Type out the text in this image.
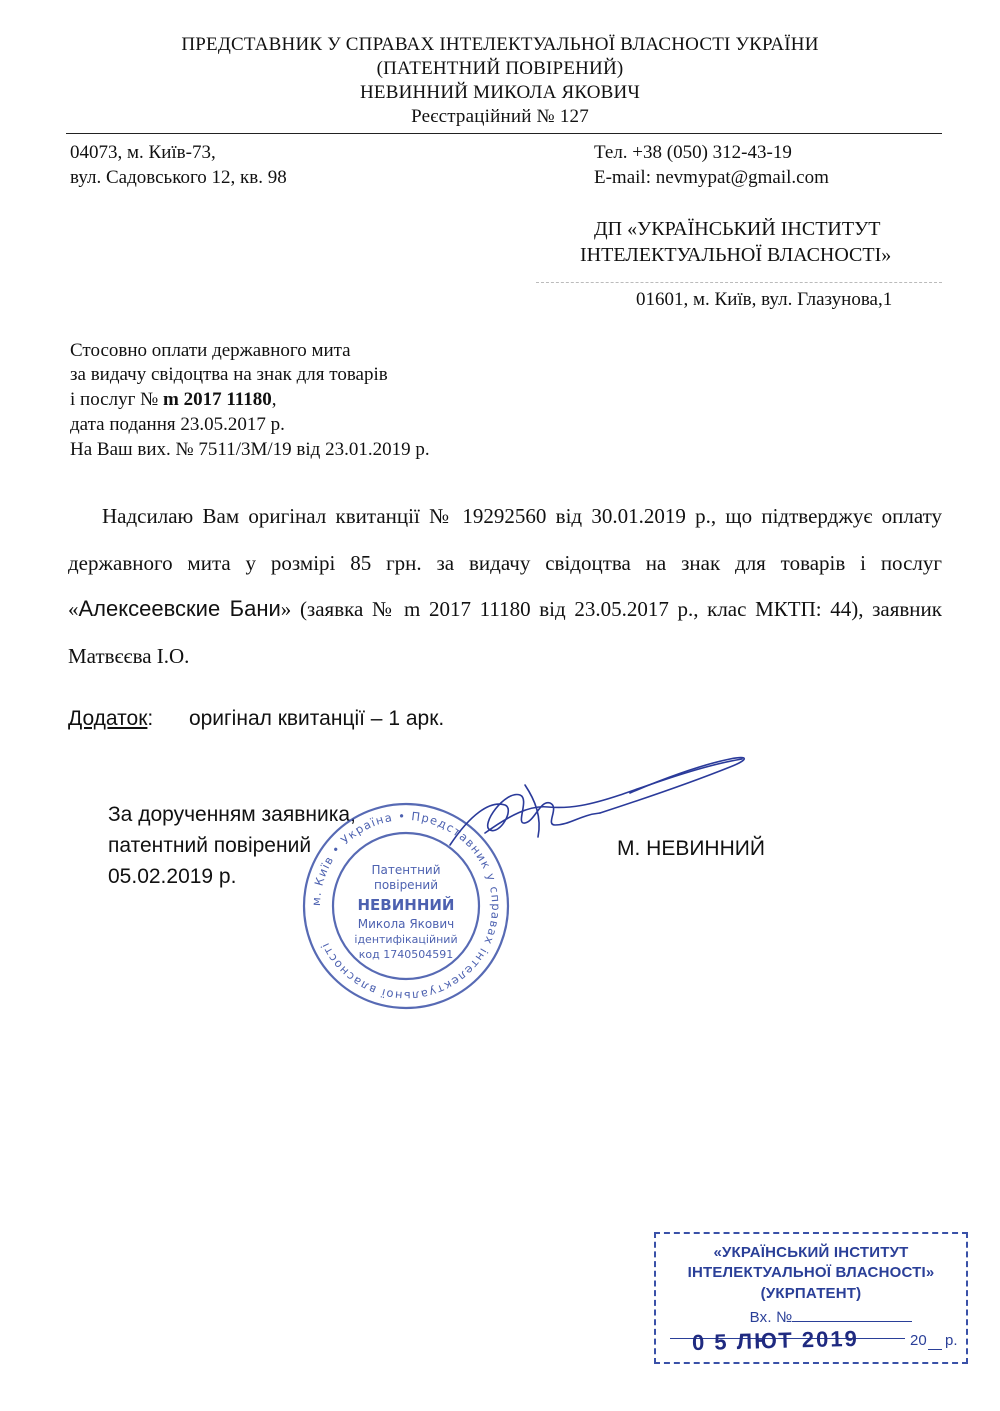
ПРЕДСТАВНИК У СПРАВАХ ІНТЕЛЕКТУАЛЬНОЇ ВЛАСНОСТІ УКРАЇНИ
(ПАТЕНТНИЙ ПОВІРЕНИЙ)
НЕВИННИЙ МИКОЛА ЯКОВИЧ
Реєстраційний № 127
04073, м. Київ-73,
вул. Садовського 12, кв. 98
Тел. +38 (050) 312-43-19
E-mail: nevmypat@gmail.com
ДП «УКРАЇНСЬКИЙ ІНСТИТУТ
ІНТЕЛЕКТУАЛЬНОЇ ВЛАСНОСТІ»
01601, м. Київ, вул. Глазунова,1
Стосовно оплати державного мита
за видачу свідоцтва на знак для товарів
і послуг № m 2017 11180,
дата подання 23.05.2017 р.
На Ваш вих. № 7511/3М/19 від 23.01.2019 р.
Надсилаю Вам оригінал квитанції № 19292560 від 30.01.2019 р., що підтверджує оплату державного мита у розмірі 85 грн. за видачу свідоцтва на знак для товарів і послуг «Алексеевские Бани» (заявка № m 2017 11180 від 23.05.2017 р., клас МКТП: 44), заявник Матвєєва І.О.
Додаток: оригінал квитанції – 1 арк.
За дорученням заявника,
патентний повірений
05.02.2019 р.
М. НЕВИННИЙ
м. Київ • Україна • Представник у справах інтелектуальної власності
Патентний
повірений
НЕВИННИЙ
Микола Якович
ідентифікаційний
код 1740504591
«УКРАЇНСЬКИЙ ІНСТИТУТ
ІНТЕЛЕКТУАЛЬНОЇ ВЛАСНОСТІ»
(УКРПАТЕНТ)
Вх. №
0 5 ЛЮТ 2019	20 р.
